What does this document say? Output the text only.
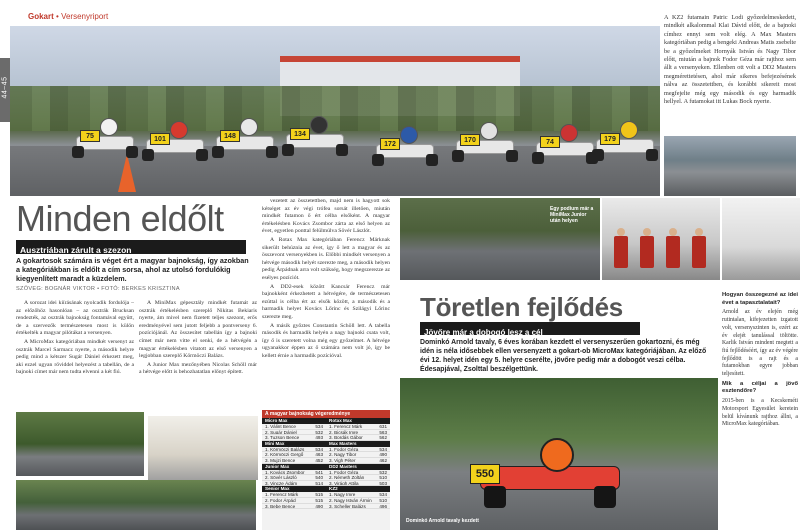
44–45
Gokart • Versenyriport
75	101	148	134
172
170	74	179
A KZ2 futamain Patric Lodi győzedelmeskedett, mindkét alkalommal Klai Dávid előtt, de a bajnoki címhez ennyi sem volt elég. A Max Masters kategóriában pedig a bengeki Andreas Matis zsebelte be a győzelmeket Hornyák István és Nagy Tibor előtt, miután a bajnok Fodor Géza már rajthoz sem állt a versenyeken. Ellenben ott volt a DD2 Masters megmérettetésen, ahol már sikeres befejezésének nálva az összetettben, és korábbi sikereit most megfejelte még egy második és egy harmadik hellyel. A futamokat itt Lukas Bock nyerte.
Minden eldőlt
Ausztriában zárult a szezon
A gokartosok számára is véget ért a magyar bajnokság, így azokban a kategóriákban is eldőlt a cím sorsa, ahol az utolsó fordulókig kiegyenlített maradt a küzdelem.
SZÖVEG: BOGNÁR VIKTOR • FOTÓ: BERKES KRISZTINA

A sorozat idei kiírásának nyolcadik fordulója – az előzőhöz hasonlóan – az osztrák Brucksan rendezték, az osztrák bajnokság fontamával együtt, de a szervezők természetesen most is külön értékelték a magyar pilótákat a versenyen.

A MicroMax kategóriában mindkét versenyt az osztrák Marcel Sarmacz nyerte, a második helyre pedig mind a kétszer Sugár Dániel érkezett meg, aki ezzel ugyan röviddel helyezést a tabellán, de a bajnoki címet már nem tudta elvenni a két fiú.

A MiniMax gépesztály mindkét futamát az osztrák értékelésben szereplő Nikitas Bekiaris nyerte, ám mivel nem fizetett teljes szezont, erős eredményével sem jutott feljebb a pontverseny 6. pozíciójánál. Az összesítet tabellán így a bajnoki címet már nem vitte el senki, de a hétvégén a magyar értékelésben vitatott az első versenyen a legjobban szereplő Körmöczi Balázs.

A Junior Max mezőnyében Nicolas Schöll már a hétvége előtt is behozhatatlan előnyt épített.

vezetett az összetettben, majd nem is hagyott sok kétséget az év végi trófea sorsát illetően, miután mindkét futamon ő ért célba elsőként. A magyar értékelésben Kovács Zsombor zárta az első helyen az évet, egyetlen ponttal felülmúlva Sövér Lászlót.

A Rotax Max kategóriában Ferencz Márknak sikerült behúznia az évet, így ő lett a magyar és az összevont versenyekben is. Előbbi mindkét versenyen a hétvége második helyét szerezte meg, a második helyen pedig Árpádnak arra volt szükség, hogy megszerezze az esélyes pozíciót.

A DD2-esek között Kancsár Ferencz már bajnokként érkezhetett a hétvégére, de természetesen ezúttal is célba ért az elsők között, a második és a harmadik helyet Kovács Lőrinc és Szilágyi Lőrinc szerezte meg.

A másik győztes Constantin Schöll lett. A tabella második és harmadik helyén a nagy bajnoki csata volt, így ő is szeretett volna még egy győzelmet. A hétvége ugyanakkor éppen az ő számára nem volt jó, így be kellett érnie a harmadik pozícióval.

A magyar bajnokság végeredménye
Micro Max
1. Válint Bence	534
2. Sugár Dániel	532
3. Tuzson Bence	493
Mini Max
1. Körmöczi Balázs	534
2. Körmöczi Gergő	463
3. Mujzi Bence	452
Junior Max
1. Kovács Zsombor	541
2. Sövér László	540
3. Vincze Ádám	514
Senior Max
1. Ferencz Márk	515
2. Fodor Árpád	515
3. Bebe Bence	490
Rotax Max
1. Ferencz Márk	631
2. Bicsák Imre	563
3. Bordás Gábor	562
Max Masters
1. Fodor Géza	534
2. Nagy Tibor	490
3. Vigh Péter	462
DD2 Masters
1. Fodor Géza	532
2. Németh Zoltán	510
3. Virágh Attila	503
KZ2
1. Nagy Imre	534
2. Nagy István Ármin	510
3. Scheller Balázs	496
Egy podium már a MiniMax Junior után helyen
Töretlen fejlődés
Jövőre már a dobogó lesz a cél
Dominkó Arnold tavaly, 6 éves korában kezdett el versenyszerűen gokartozni, és még idén is néla idősebbek ellen versenyzett a gokart-ob MicroMax kategóriájában. Az előző évi 12. helyet idén egy 5. helyre cserélte, jövőre pedig már a dobogót veszi célba. Édesapjával, Zsolttal beszélgettünk.
550
Dominkó Arnold tavaly kezdett

Hogyan összegezné az idei évet a tapasztalatait?

Arnold az év elején még rutintalan, kifejezetten izgatott volt, versenyszinten is, ezért az év elejét tanulással töltötte. Karlik István mindent megtett a fiú fejlődéséért, így az év végére fejlődött is a rajt és a futamokban egyre jobban teljesített.

Mik a céljai a jövő esztendőre?

2015-ben is a Kecskeméti Motorsport Egyesület keretein belül kívánunk rajthoz állni, a MicroMax kategóriában.
